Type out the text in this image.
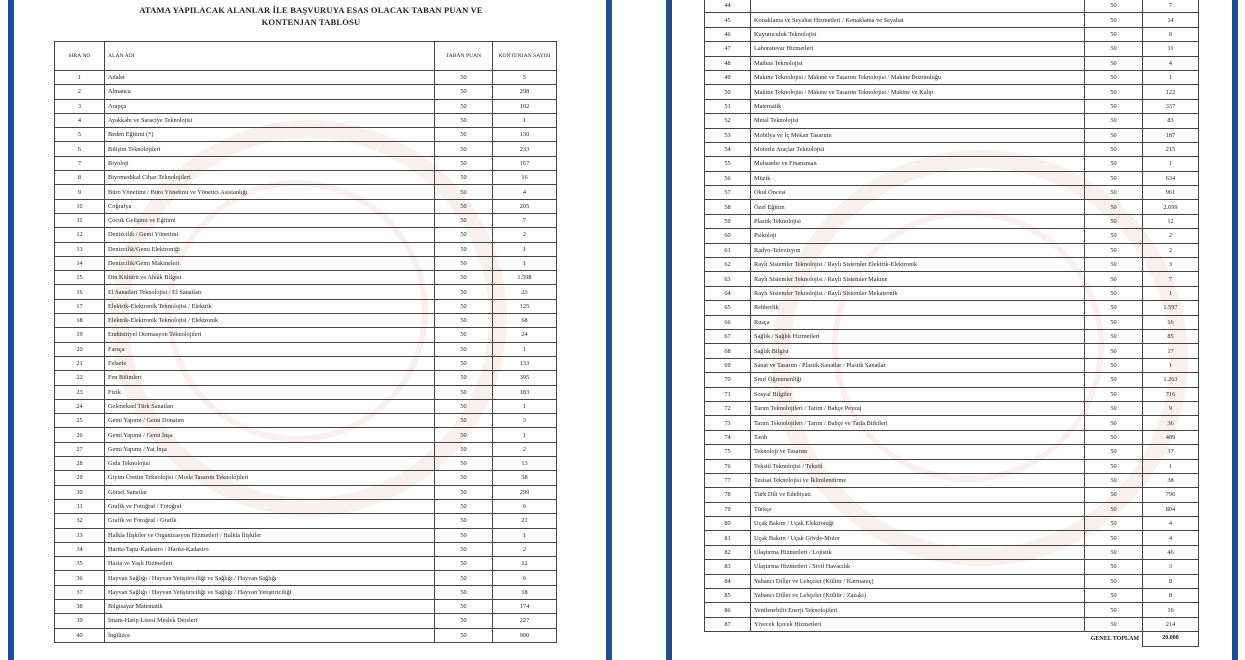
ATAMA YAPILACAK ALANLAR İLE BAŞVURUYA ESAS OLACAK TABAN PUAN VE
KONTENJAN TABLOSU
SIRA NO	ALAN ADI	TABAN PUAN	KONTENJAN SAYISI
1	Adalet	50	5
2	Almanca	50	298
3	Arapça	50	102
4	Ayakkabı ve Saraciye Teknolojisi	50	1
5	Beden Eğitimi (*)	50	130
6	Bilişim Teknolojileri	50	233
7	Biyoloji	50	167
8	Biyomedikal Cihaz Teknolojileri	50	16
9	Büro Yönetimi / Büro Yönetimi ve Yönetici Asistanlığı	50	4
10	Coğrafya	50	205
11	Çocuk Gelişimi ve Eğitimi	50	7
12	Denizcilik / Gemi Yönetimi	50	2
13	Denizcilik/Gemi Elektroniği	50	1
14	Denizcilik/Gemi Makineleri	50	1
15	Din Kültürü ve Ahlâk Bilgisi	50	1.598
16	El Sanatları Teknolojisi / El Sanatları	50	23
17	Elektrik-Elektronik Teknolojisi / Elektrik	50	125
18	Elektrik-Elektronik Teknolojisi / Elektronik	50	68
19	Endüstriyel Otomasyon Teknolojileri	50	24
20	Farsça	50	1
21	Felsefe	50	133
22	Fen Bilimleri	50	395
23	Fizik	50	183
24	Geleneksel Türk Sanatları	50	1
25	Gemi Yapımı / Gemi Donatım	50	3
26	Gemi Yapımı / Gemi İnşa	50	1
27	Gemi Yapımı / Yat İnşa	50	2
28	Gıda Teknolojisi	50	13
29	Giyim Üretim Teknolojisi / Moda Tasarım Teknolojileri	50	38
30	Görsel Sanatlar	50	299
31	Grafik ve Fotoğraf / Fotoğraf	50	6
32	Grafik ve Fotoğraf / Grafik	50	21
33	Halkla İlişkiler ve Organizasyon Hizmetleri / Halkla İlişkiler	50	1
34	Harita-Tapu-Kadastro / Harita-Kadastro	50	2
35	Hasta ve Yaşlı Hizmetleri	50	12
36	Hayvan Sağlığı / Hayvan Yetiştiriciliği ve Sağlığı / Hayvan Sağlığı	50	6
37	Hayvan Sağlığı / Hayvan Yetiştiriciliği ve Sağlığı / Hayvan Yetiştiriciliği	50	18
38	Bilgisayar Matematik	50	174
39	İmam-Hatip Lisesi Meslek Dersleri	50	227
40	İngilizce	50	900
44		50	7
45	Konaklama ve Seyahat Hizmetleri / Konaklama ve Seyahat	50	14
46	Kuyumculuk Teknolojisi	50	8
47	Laboratuvar Hizmetleri	50	11
48	Matbaa Teknolojisi	50	4
49	Makine Teknolojisi / Makine ve Tasarım Teknolojisi / Makine Bozumluğu	50	1
50	Makine Teknolojisi / Makine ve Tasarım Teknolojisi / Makine ve Kalıp	50	122
51	Matematik	50	337
52	Metal Teknolojisi	50	83
53	Mobilya ve İç Mekan Tasarımı	50	187
54	Motorlu Araçlar Teknolojisi	50	215
55	Muhasebe ve Finansman	50	1
56	Müzik	50	634
57	Okul Öncesi	50	961
58	Özel Eğitim	50	2.699
59	Plastik Teknolojisi	50	12
60	Psikoloji	50	2
61	Radyo-Televizyon	50	2
62	Raylı Sistemler Teknolojisi / Raylı Sistemler Elektrik-Elektronik	50	3
63	Raylı Sistemler Teknolojisi / Raylı Sistemler Makine	50	7
64	Raylı Sistemler Teknolojisi / Raylı Sistemler Mekatronik	50	1
65	Rehberlik	50	1.597
66	Rusça	50	16
67	Sağlık / Sağlık Hizmetleri	50	85
68	Sağlık Bilgisi	50	17
69	Sanat ve Tasarım / Plastik Sanatlar / Plastik Sanatlar	50	1
70	Sınıf Öğretmenliği	50	1.263
71	Sosyal Bilgiler	50	716
72	Tarım Teknolojileri / Tarım / Bahçe Peyzaj	50	9
73	Tarım Teknolojileri / Tarım / Bahçe ve Tarla Bitkileri	50	36
74	Tarih	50	409
75	Teknoloji ve Tasarım	50	37
76	Tekstil Teknolojisi / Tekstil	50	1
77	Tesisat Teknolojisi ve İklimlendirme	50	38
78	Türk Dili ve Edebiyatı	50	796
79	Türkçe	50	804
80	Uçak Bakım / Uçak Elektroniği	50	4
81	Uçak Bakım / Uçak Gövde-Motor	50	4
82	Ulaştırma Hizmetleri / Lojistik	50	46
83	Ulaştırma Hizmetleri / Sivil Havacılık	50	3
84	Yabancı Diller ve Lehçeler (Kültür / Karmanıç)	50	8
85	Yabancı Diller ve Lehçeler (Kültür / Zazaki)	50	8
86	Yenilenebilir Enerji Teknolojileri	50	16
87	Yiyecek İçecek Hizmetleri	50	214
	GENEL TOPLAM		20.000
